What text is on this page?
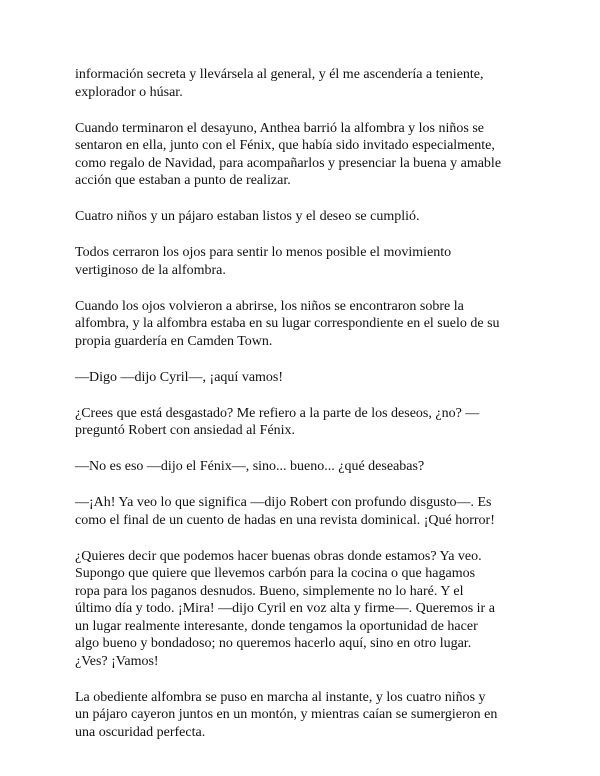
información secreta y llevársela al general, y él me ascendería a teniente,
explorador o húsar.

Cuando terminaron el desayuno, Anthea barrió la alfombra y los niños se
sentaron en ella, junto con el Fénix, que había sido invitado especialmente,
como regalo de Navidad, para acompañarlos y presenciar la buena y amable
acción que estaban a punto de realizar.

Cuatro niños y un pájaro estaban listos y el deseo se cumplió.

Todos cerraron los ojos para sentir lo menos posible el movimiento
vertiginoso de la alfombra.

Cuando los ojos volvieron a abrirse, los niños se encontraron sobre la
alfombra, y la alfombra estaba en su lugar correspondiente en el suelo de su
propia guardería en Camden Town.

—Digo —dijo Cyril—, ¡aquí vamos!

¿Crees que está desgastado? Me refiero a la parte de los deseos, ¿no? —
preguntó Robert con ansiedad al Fénix.

—No es eso —dijo el Fénix—, sino... bueno... ¿qué deseabas?

—¡Ah! Ya veo lo que significa —dijo Robert con profundo disgusto—. Es
como el final de un cuento de hadas en una revista dominical. ¡Qué horror!

¿Quieres decir que podemos hacer buenas obras donde estamos? Ya veo.
Supongo que quiere que llevemos carbón para la cocina o que hagamos
ropa para los paganos desnudos. Bueno, simplemente no lo haré. Y el
último día y todo. ¡Mira! —dijo Cyril en voz alta y firme—. Queremos ir a
un lugar realmente interesante, donde tengamos la oportunidad de hacer
algo bueno y bondadoso; no queremos hacerlo aquí, sino en otro lugar.
¿Ves? ¡Vamos!

La obediente alfombra se puso en marcha al instante, y los cuatro niños y
un pájaro cayeron juntos en un montón, y mientras caían se sumergieron en
una oscuridad perfecta.
